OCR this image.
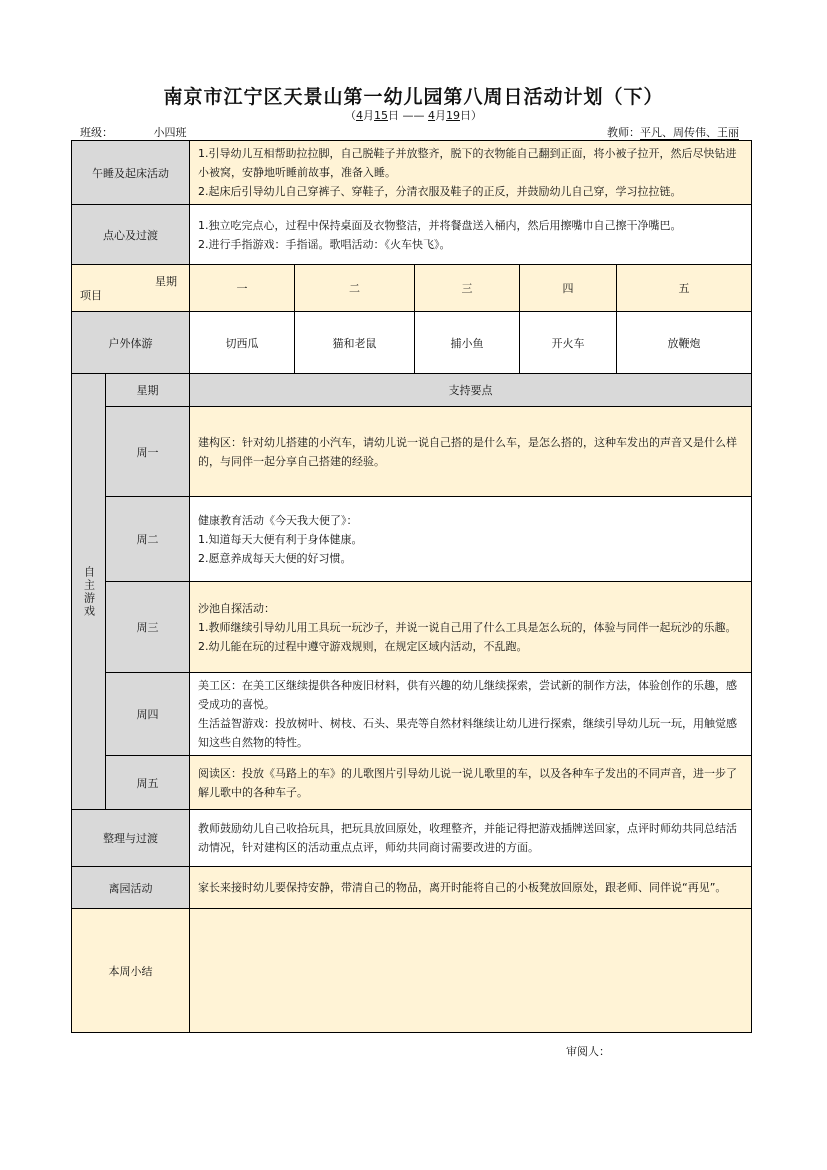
南京市江宁区天景山第一幼儿园第八周日活动计划（下）
（4月15日 —— 4月19日）
班级：	小四班	教师：平凡、周传伟、王丽
午睡及起床活动		1.引导幼儿互相帮助拉拉脚，自己脱鞋子并放整齐，脱下的衣物能自己翻到正面，将小被子拉开，然后尽快钻进小被窝，安静地听睡前故事，准备入睡。
2.起床后引导幼儿自己穿裤子、穿鞋子，分清衣服及鞋子的正反，并鼓励幼儿自己穿，学习拉拉链。				

点心及过渡		1.独立吃完点心，过程中保持桌面及衣物整洁，并将餐盘送入桶内，然后用擦嘴巾自己擦干净嘴巴。
2.进行手指游戏：手指谣。歌唱活动：《火车快飞》。				

星期
项目		一	二	三	四	五
户外体游		切西瓜	猫和老鼠	捕小鱼	开火车	放鞭炮

自主游戏	星期	支持要点				
	周一	建构区：针对幼儿搭建的小汽车，请幼儿说一说自己搭的是什么车，是怎么搭的，这种车发出的声音又是什么样的，与同伴一起分享自己搭建的经验。				

	周二	健康教育活动《今天我大便了》：
1.知道每天大便有利于身体健康。
2.愿意养成每天大便的好习惯。				

	周三	沙池自探活动：
1.教师继续引导幼儿用工具玩一玩沙子，并说一说自己用了什么工具是怎么玩的，体验与同伴一起玩沙的乐趣。
2.幼儿能在玩的过程中遵守游戏规则，在规定区域内活动，不乱跑。				

	周四	美工区：在美工区继续提供各种废旧材料，供有兴趣的幼儿继续探索，尝试新的制作方法，体验创作的乐趣，感受成功的喜悦。
生活益智游戏：投放树叶、树枝、石头、果壳等自然材料继续让幼儿进行探索，继续引导幼儿玩一玩，用触觉感知这些自然物的特性。				

	周五	阅读区：投放《马路上的车》的儿歌图片引导幼儿说一说儿歌里的车，以及各种车子发出的不同声音，进一步了解儿歌中的各种车子。				

整理与过渡		教师鼓励幼儿自己收拾玩具，把玩具放回原处，收理整齐，并能记得把游戏插牌送回家，点评时师幼共同总结活动情况，针对建构区的活动重点点评，师幼共同商讨需要改进的方面。				
离园活动		家长来接时幼儿要保持安静，带清自己的物品，离开时能将自己的小板凳放回原处，跟老师、同伴说“再见”。				
本周小结						
审阅人：
